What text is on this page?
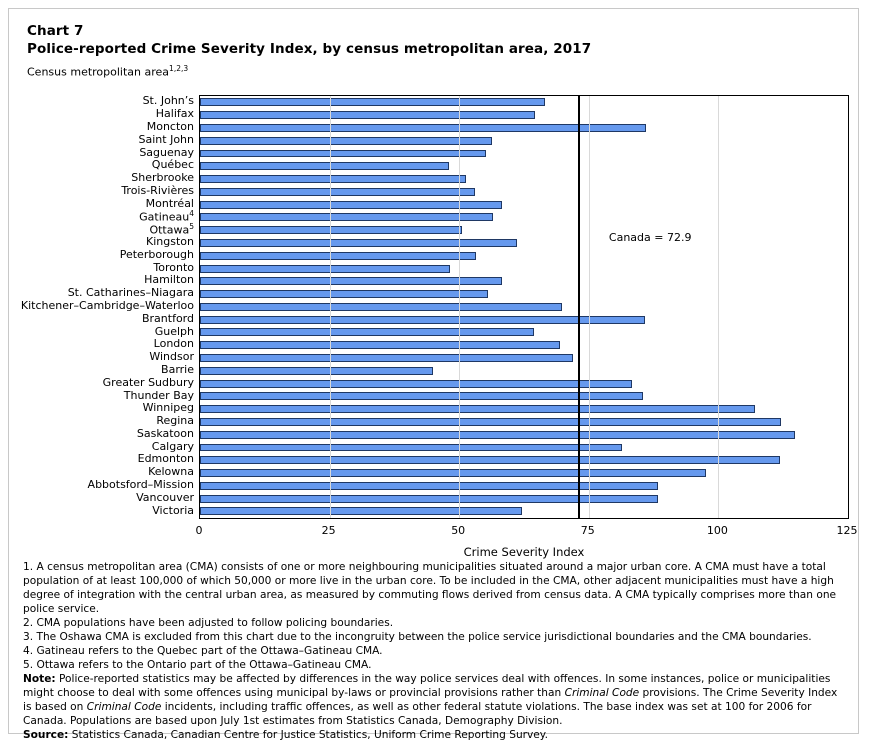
Chart 7
Police-reported Crime Severity Index, by census metropolitan area, 2017
Census metropolitan area$^{1,2,3}$
St. John’s
Halifax
Moncton
Saint John
Saguenay
Québec
Sherbrooke
Trois-Rivières
Montréal
Gatineau$^4$
Ottawa$^5$
Kingston
Peterborough
Toronto
Hamilton
St. Catharines–Niagara
Kitchener–Cambridge–Waterloo
Brantford
Guelph
London
Windsor
Barrie
Greater Sudbury
Thunder Bay
Winnipeg
Regina
Saskatoon
Calgary
Edmonton
Kelowna
Abbotsford–Mission
Vancouver
Victoria
Crime Severity Index
Canada = 72.9
0	25	50	75	100	125

1. A census metropolitan area (CMA) consists of one or more neighbouring municipalities situated around a major urban core. A CMA must have a total population of at least 100,000 of which 50,000 or more live in the urban core. To be included in the CMA, other adjacent municipalities must have a high degree of integration with the central urban area, as measured by commuting flows derived from census data. A CMA typically comprises more than one police service.

2. CMA populations have been adjusted to follow policing boundaries.

3. The Oshawa CMA is excluded from this chart due to the incongruity between the police service jurisdictional boundaries and the CMA boundaries.

4. Gatineau refers to the Quebec part of the Ottawa–Gatineau CMA.

5. Ottawa refers to the Ontario part of the Ottawa–Gatineau CMA.

Note: Police-reported statistics may be affected by differences in the way police services deal with offences. In some instances, police or municipalities might choose to deal with some offences using municipal by-laws or provincial provisions rather than Criminal Code provisions. The Crime Severity Index is based on Criminal Code incidents, including traffic offences, as well as other federal statute violations. The base index was set at 100 for 2006 for Canada. Populations are based upon July 1st estimates from Statistics Canada, Demography Division.

Source: Statistics Canada, Canadian Centre for Justice Statistics, Uniform Crime Reporting Survey.
